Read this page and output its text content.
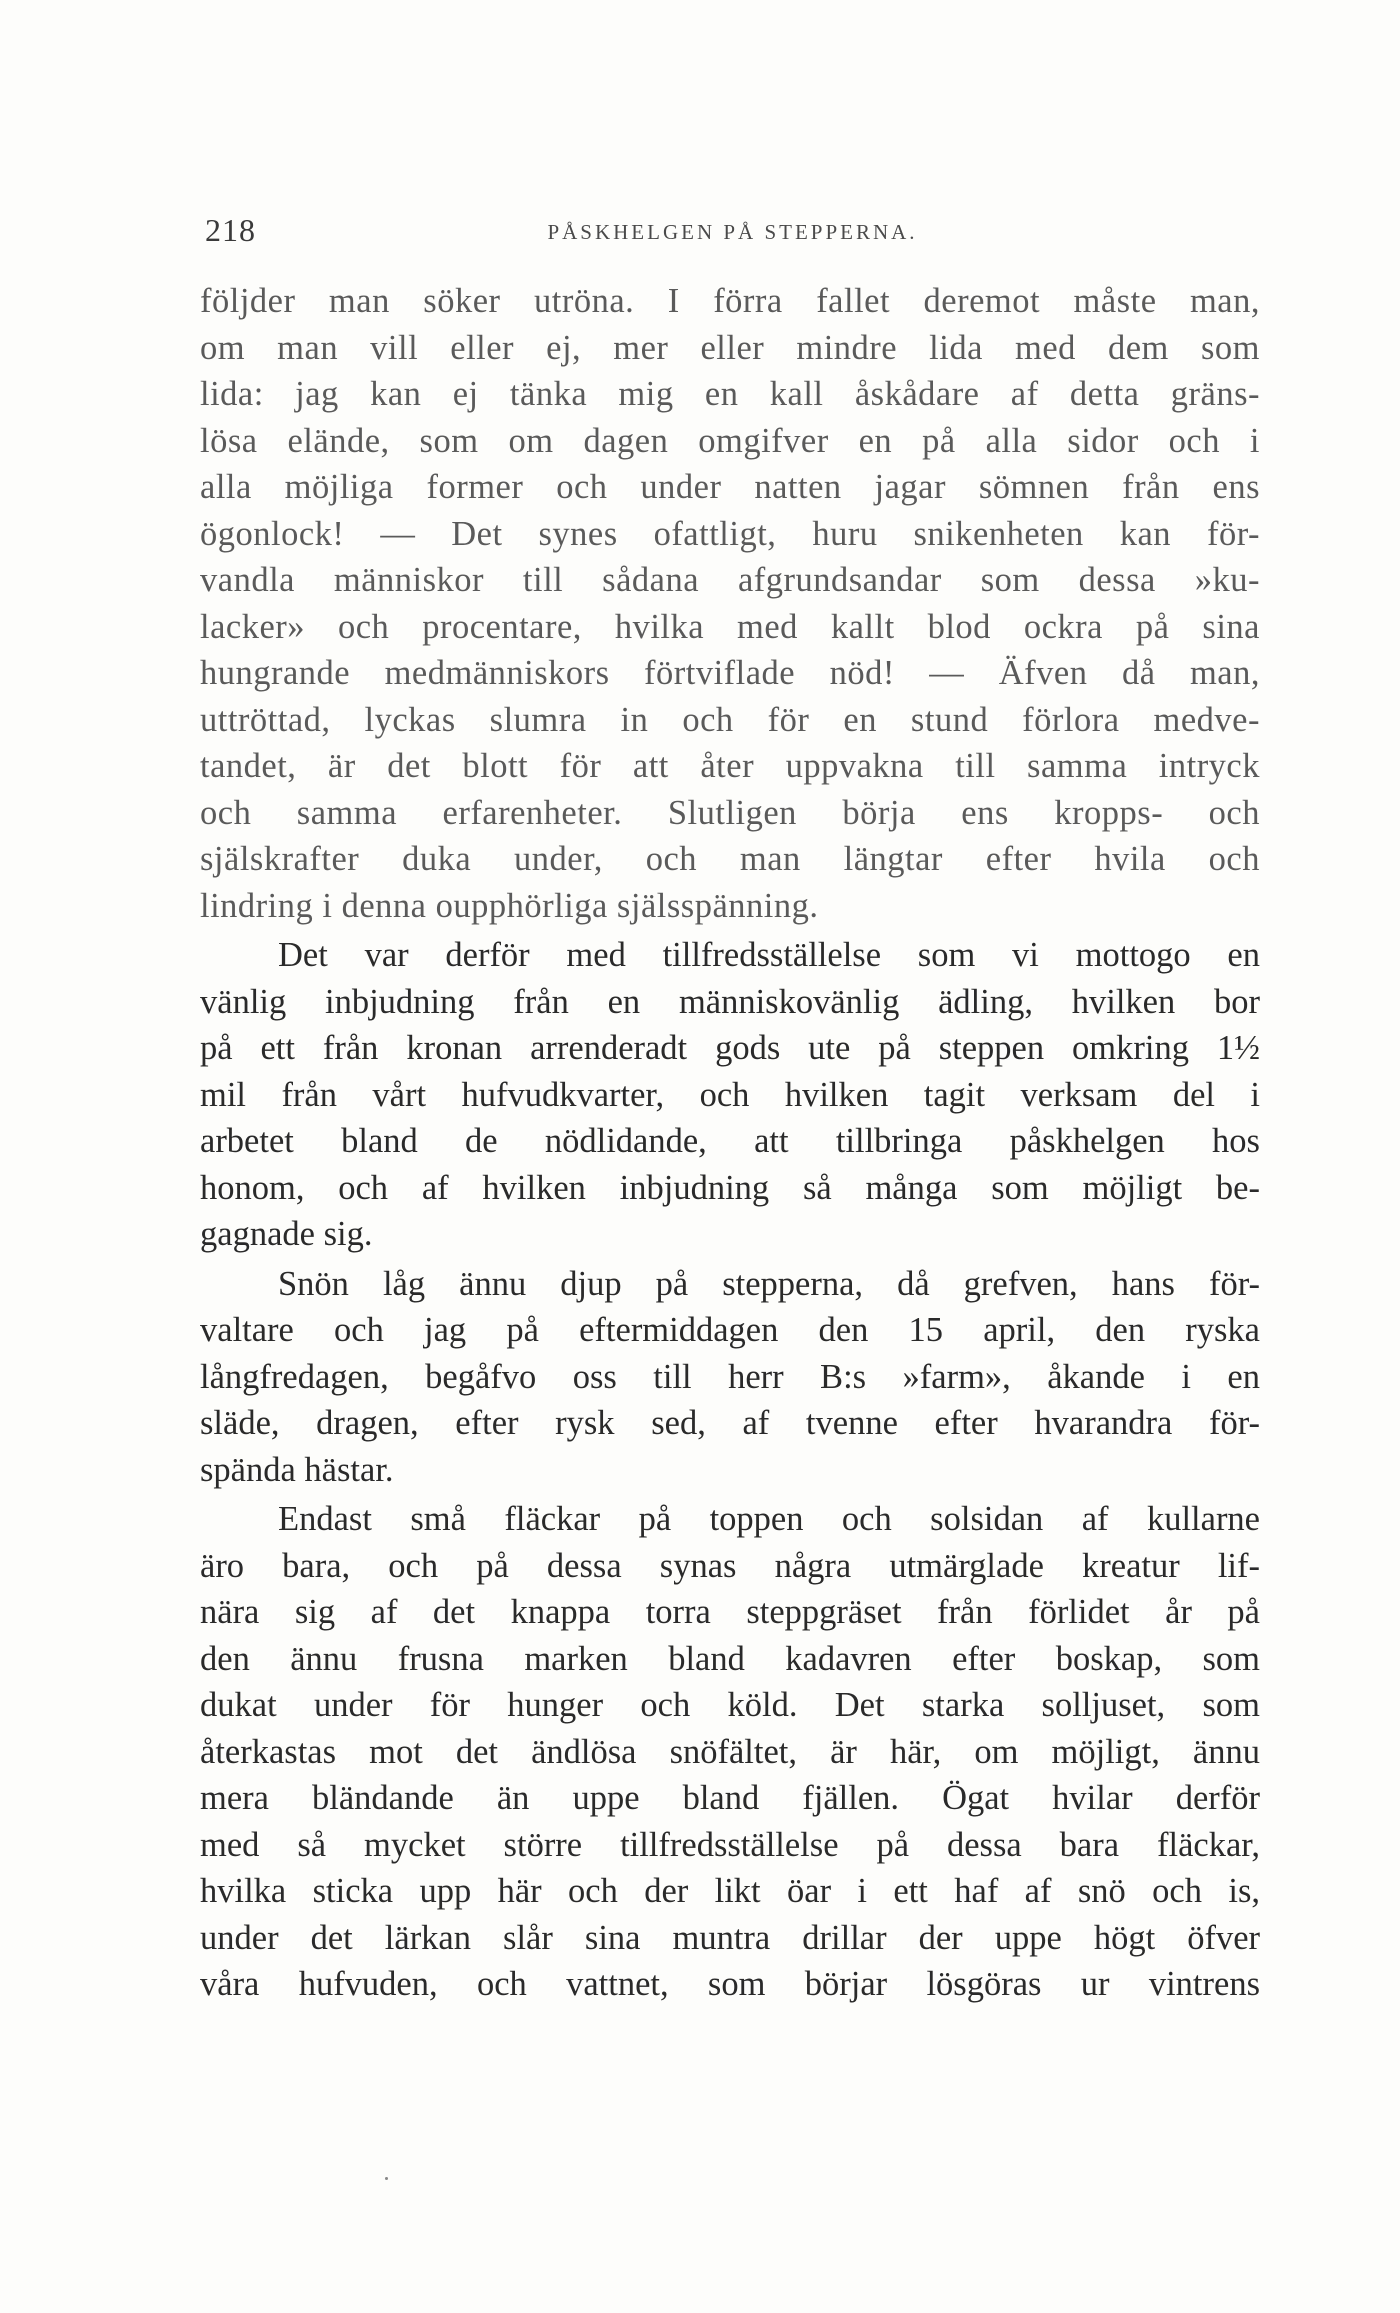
218	PÅSKHELGEN PÅ STEPPERNA.
följder man söker utröna. I förra fallet deremot måste man,
om man vill eller ej, mer eller mindre lida med dem som
lida: jag kan ej tänka mig en kall åskådare af detta gräns-
lösa elände, som om dagen omgifver en på alla sidor och i
alla möjliga former och under natten jagar sömnen från ens
ögonlock! — Det synes ofattligt, huru snikenheten kan för-
vandla människor till sådana afgrundsandar som dessa »ku-
lacker» och procentare, hvilka med kallt blod ockra på sina
hungrande medmänniskors förtviflade nöd! — Äfven då man,
uttröttad, lyckas slumra in och för en stund förlora medve-
tandet, är det blott för att åter uppvakna till samma intryck
och samma erfarenheter. Slutligen börja ens kropps- och
själskrafter duka under, och man längtar efter hvila och
lindring i denna oupphörliga själsspänning.
Det var derför med tillfredsställelse som vi mottogo en
vänlig inbjudning från en människovänlig ädling, hvilken bor
på ett från kronan arrenderadt gods ute på steppen omkring 1½
mil från vårt hufvudkvarter, och hvilken tagit verksam del i
arbetet bland de nödlidande, att tillbringa påskhelgen hos
honom, och af hvilken inbjudning så många som möjligt be-
gagnade sig.
Snön låg ännu djup på stepperna, då grefven, hans för-
valtare och jag på eftermiddagen den 15 april, den ryska
långfredagen, begåfvo oss till herr B:s »farm», åkande i en
släde, dragen, efter rysk sed, af tvenne efter hvarandra för-
spända hästar.
Endast små fläckar på toppen och solsidan af kullarne
äro bara, och på dessa synas några utmärglade kreatur lif-
nära sig af det knappa torra steppgräset från förlidet år på
den ännu frusna marken bland kadavren efter boskap, som
dukat under för hunger och köld. Det starka solljuset, som
återkastas mot det ändlösa snöfältet, är här, om möjligt, ännu
mera bländande än uppe bland fjällen. Ögat hvilar derför
med så mycket större tillfredsställelse på dessa bara fläckar,
hvilka sticka upp här och der likt öar i ett haf af snö och is,
under det lärkan slår sina muntra drillar der uppe högt öfver
våra hufvuden, och vattnet, som börjar lösgöras ur vintrens
